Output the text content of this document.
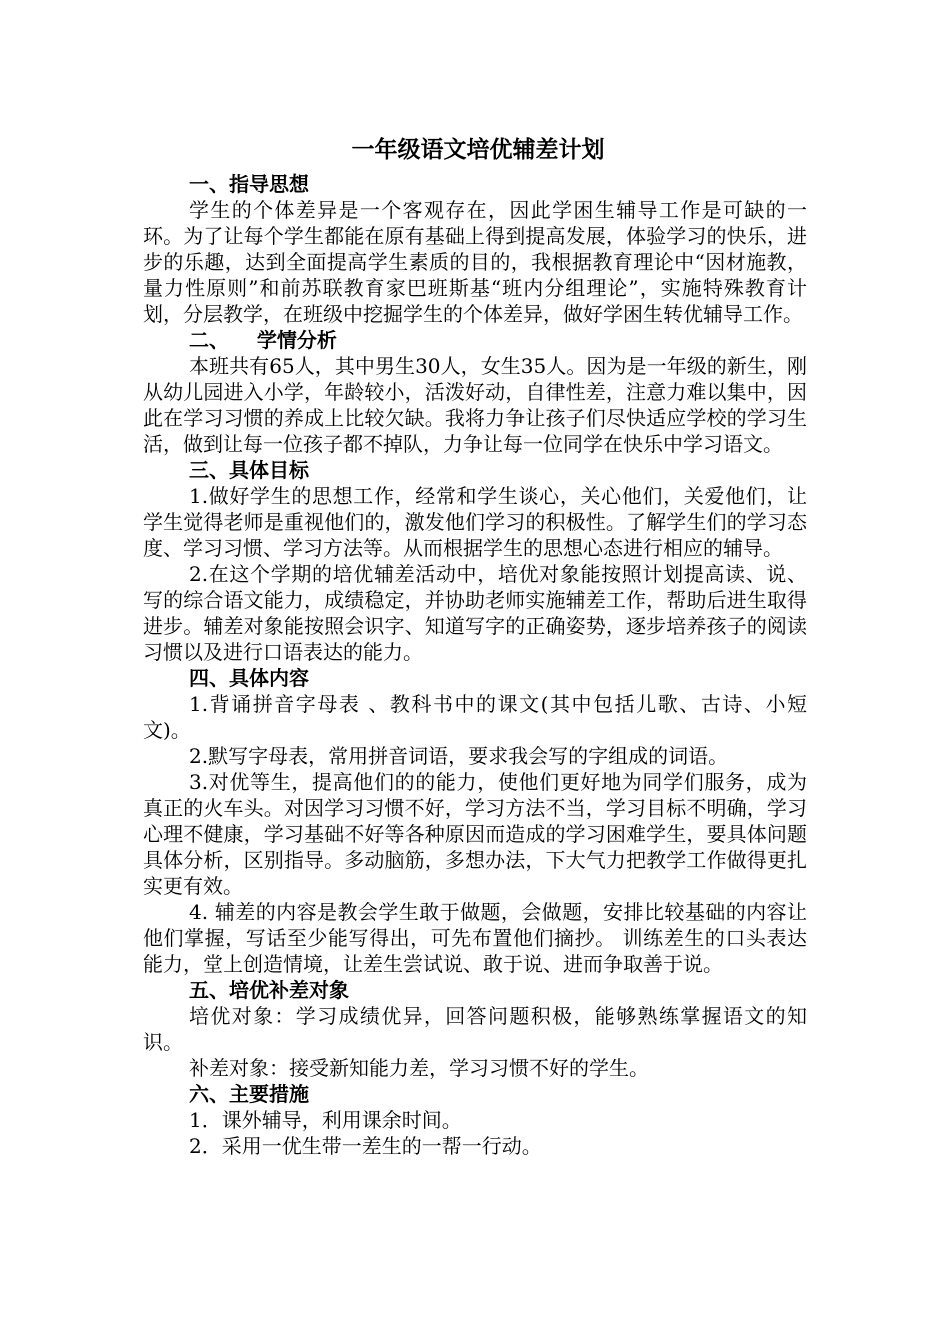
一年级语文培优辅差计划
一、指导思想

学生的个体差异是一个客观存在，因此学困生辅导工作是可缺的一环。为了让每个学生都能在原有基础上得到提高发展，体验学习的快乐，进步的乐趣，达到全面提高学生素质的目的，我根据教育理论中“因材施教，量力性原则”和前苏联教育家巴班斯基“班内分组理论”，实施特殊教育计划，分层教学，在班级中挖掘学生的个体差异，做好学困生转优辅导工作。

二、    学情分析

本班共有65人，其中男生30人，女生35人。因为是一年级的新生，刚从幼儿园进入小学，年龄较小，活泼好动，自律性差，注意力难以集中，因此在学习习惯的养成上比较欠缺。我将力争让孩子们尽快适应学校的学习生活，做到让每一位孩子都不掉队，力争让每一位同学在快乐中学习语文。

三、具体目标

1.做好学生的思想工作，经常和学生谈心，关心他们，关爱他们，让学生觉得老师是重视他们的，激发他们学习的积极性。了解学生们的学习态度、学习习惯、学习方法等。从而根据学生的思想心态进行相应的辅导。

2.在这个学期的培优辅差活动中，培优对象能按照计划提高读、说、写的综合语文能力，成绩稳定，并协助老师实施辅差工作，帮助后进生取得进步。辅差对象能按照会识字、知道写字的正确姿势，逐步培养孩子的阅读习惯以及进行口语表达的能力。

四、具体内容

1.背诵拼音字母表 、教科书中的课文(其中包括儿歌、古诗、小短文)。

2.默写字母表，常用拼音词语，要求我会写的字组成的词语。

3.对优等生，提高他们的的能力，使他们更好地为同学们服务，成为真正的火车头。对因学习习惯不好，学习方法不当，学习目标不明确，学习心理不健康，学习基础不好等各种原因而造成的学习困难学生，要具体问题具体分析，区别指导。多动脑筋，多想办法，下大气力把教学工作做得更扎实更有效。

4. 辅差的内容是教会学生敢于做题，会做题，安排比较基础的内容让他们掌握，写话至少能写得出，可先布置他们摘抄。 训练差生的口头表达能力，堂上创造情境，让差生尝试说、敢于说、进而争取善于说。

五、培优补差对象

培优对象：学习成绩优异，回答问题积极，能够熟练掌握语文的知识。

补差对象：接受新知能力差，学习习惯不好的学生。

六、主要措施

1．课外辅导，利用课余时间。

2．采用一优生带一差生的一帮一行动。
